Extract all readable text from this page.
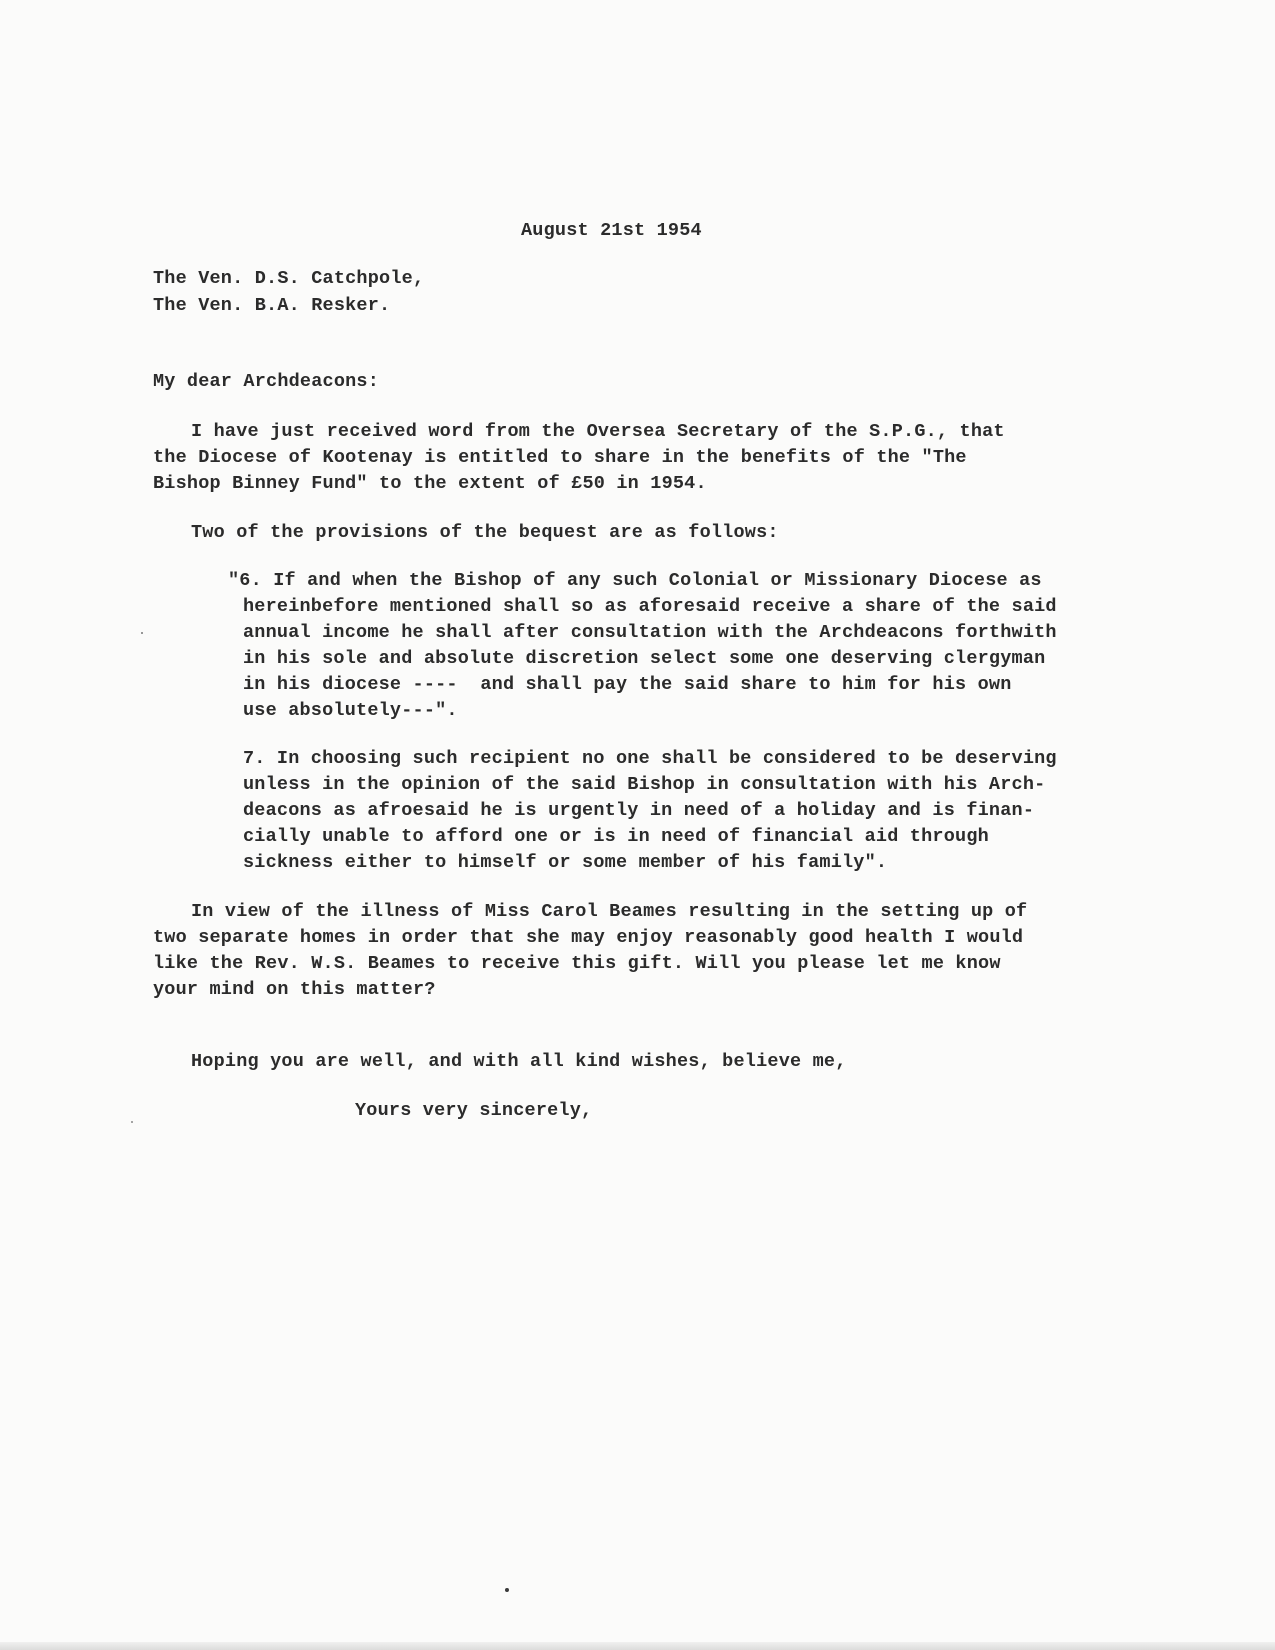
August 21st 1954
The Ven. D.S. Catchpole,
The Ven. B.A. Resker.
My dear Archdeacons:
I have just received word from the Oversea Secretary of the S.P.G., that
the Diocese of Kootenay is entitled to share in the benefits of the "The
Bishop Binney Fund" to the extent of £50 in 1954.
Two of the provisions of the bequest are as follows:
"6. If and when the Bishop of any such Colonial or Missionary Diocese as
hereinbefore mentioned shall so as aforesaid receive a share of the said
annual income he shall after consultation with the Archdeacons forthwith
in his sole and absolute discretion select some one deserving clergyman
in his diocese ----  and shall pay the said share to him for his own
use absolutely---".
7. In choosing such recipient no one shall be considered to be deserving
unless in the opinion of the said Bishop in consultation with his Arch-
deacons as afroesaid he is urgently in need of a holiday and is finan-
cially unable to afford one or is in need of financial aid through
sickness either to himself or some member of his family".
In view of the illness of Miss Carol Beames resulting in the setting up of
two separate homes in order that she may enjoy reasonably good health I would
like the Rev. W.S. Beames to receive this gift. Will you please let me know
your mind on this matter?
Hoping you are well, and with all kind wishes, believe me,
Yours very sincerely,
